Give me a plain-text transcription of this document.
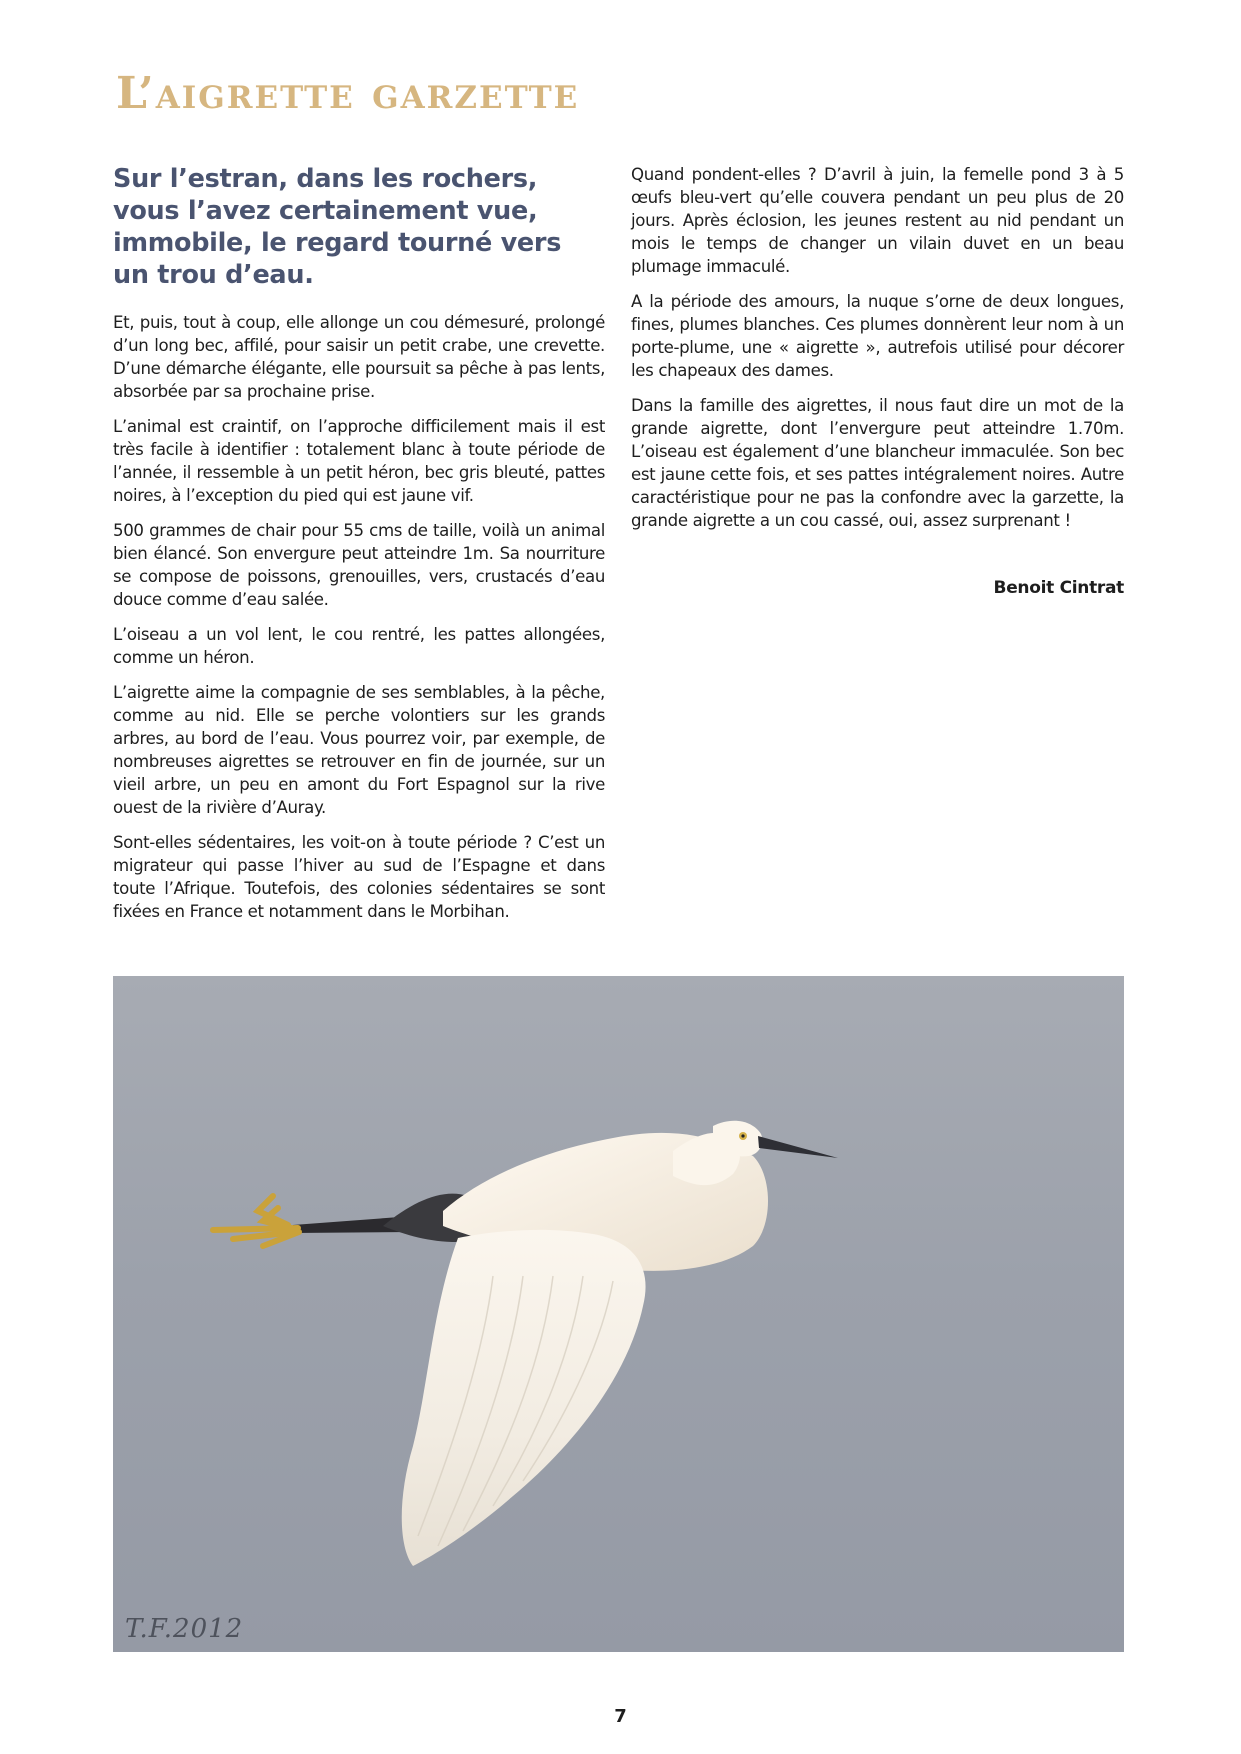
L’aigrette garzette

Sur l’estran, dans les rochers, vous l’avez certainement vue, immobile, le regard tourné vers un trou d’eau.

Et, puis, tout à coup, elle allonge un cou démesuré, prolongé d’un long bec, affilé, pour saisir un petit crabe, une crevette. D’une démarche élégante, elle poursuit sa pêche à pas lents, absorbée par sa prochaine prise.

L’animal est craintif, on l’approche difficilement mais il est très facile à identifier : totalement blanc à toute période de l’année, il ressemble à un petit héron, bec gris bleuté, pattes noires, à l’exception du pied qui est jaune vif.

500 grammes de chair pour 55 cms de taille, voilà un animal bien élancé. Son envergure peut atteindre 1m. Sa nourriture se compose de poissons, grenouilles, vers, crustacés d’eau douce comme d’eau salée.

L’oiseau a un vol lent, le cou rentré, les pattes allongées, comme un héron.

L’aigrette aime la compagnie de ses semblables, à la pêche, comme au nid. Elle se perche volontiers sur les grands arbres, au bord de l’eau. Vous pourrez voir, par exemple, de nombreuses aigrettes se retrouver en fin de journée, sur un vieil arbre, un peu en amont du Fort Espagnol sur la rive ouest de la rivière d’Auray.

Sont-elles sédentaires, les voit-on à toute période ? C’est un migrateur qui passe l’hiver au sud de l’Espagne et dans toute l’Afrique. Toutefois, des colonies sédentaires se sont fixées en France et notamment dans le Morbihan.

Quand pondent-elles ? D’avril à juin, la femelle pond 3 à 5 œufs bleu-vert qu’elle couvera pendant un peu plus de 20 jours. Après éclosion, les jeunes restent au nid pendant un mois le temps de changer un vilain duvet en un beau plumage immaculé.

A la période des amours, la nuque s’orne de deux longues, fines, plumes blanches. Ces plumes donnèrent leur nom à un porte-plume, une « aigrette », autrefois utilisé pour décorer les chapeaux des dames.

Dans la famille des aigrettes, il nous faut dire un mot de la grande aigrette, dont l’envergure peut atteindre 1.70m. L’oiseau est également d’une blancheur immaculée. Son bec est jaune cette fois, et ses pattes intégralement noires. Autre caractéristique pour ne pas la confondre avec la garzette, la grande aigrette a un cou cassé, oui, assez surprenant !

Benoit Cintrat
T.F.2012
7
